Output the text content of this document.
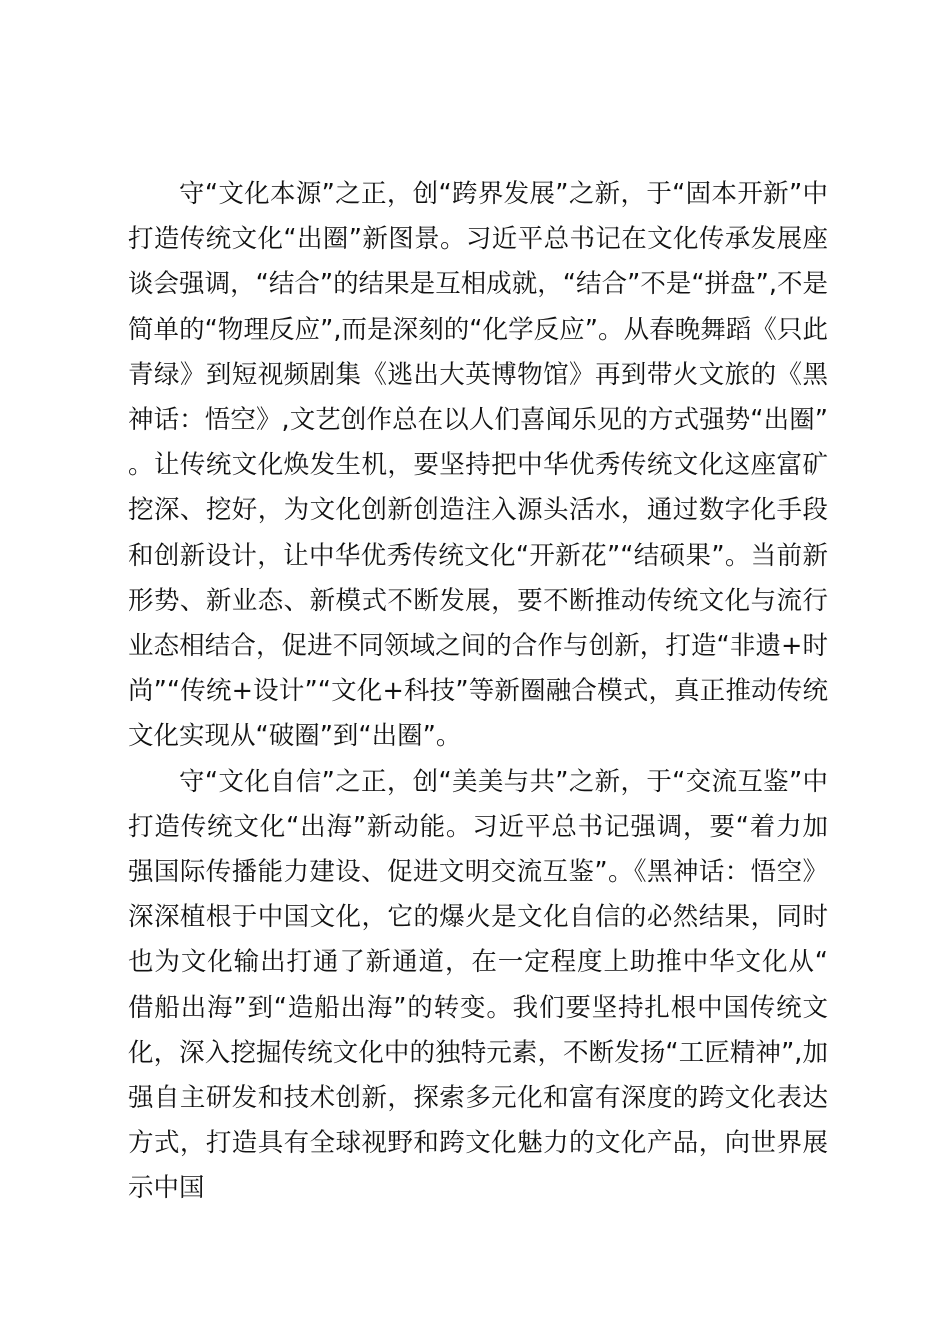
守“文化本源”之正，创“跨界发展”之新，于“固本开新”中打造传统文化“出圈”新图景。习近平总书记在文化传承发展座谈会强调，“结合”的结果是互相成就，“结合”不是“拼盘”,不是简单的“物理反应”,而是深刻的“化学反应”。从春晚舞蹈《只此青绿》到短视频剧集《逃出大英博物馆》再到带火文旅的《黑神话：悟空》,文艺创作总在以人们喜闻乐见的方式强势“出圈”。让传统文化焕发生机，要坚持把中华优秀传统文化这座富矿挖深、挖好，为文化创新创造注入源头活水，通过数字化手段和创新设计，让中华优秀传统文化“开新花”“结硕果”。当前新形势、新业态、新模式不断发展，要不断推动传统文化与流行业态相结合，促进不同领域之间的合作与创新，打造“非遗+时尚”“传统+设计”“文化+科技”等新圈融合模式，真正推动传统文化实现从“破圈”到“出圈”。

守“文化自信”之正，创“美美与共”之新，于“交流互鉴”中打造传统文化“出海”新动能。习近平总书记强调，要“着力加强国际传播能力建设、促进文明交流互鉴”。《黑神话：悟空》深深植根于中国文化，它的爆火是文化自信的必然结果，同时也为文化输出打通了新通道，在一定程度上助推中华文化从“借船出海”到“造船出海”的转变。我们要坚持扎根中国传统文化，深入挖掘传统文化中的独特元素，不断发扬“工匠精神”,加强自主研发和技术创新，探索多元化和富有深度的跨文化表达方式，打造具有全球视野和跨文化魅力的文化产品，向世界展示中国
